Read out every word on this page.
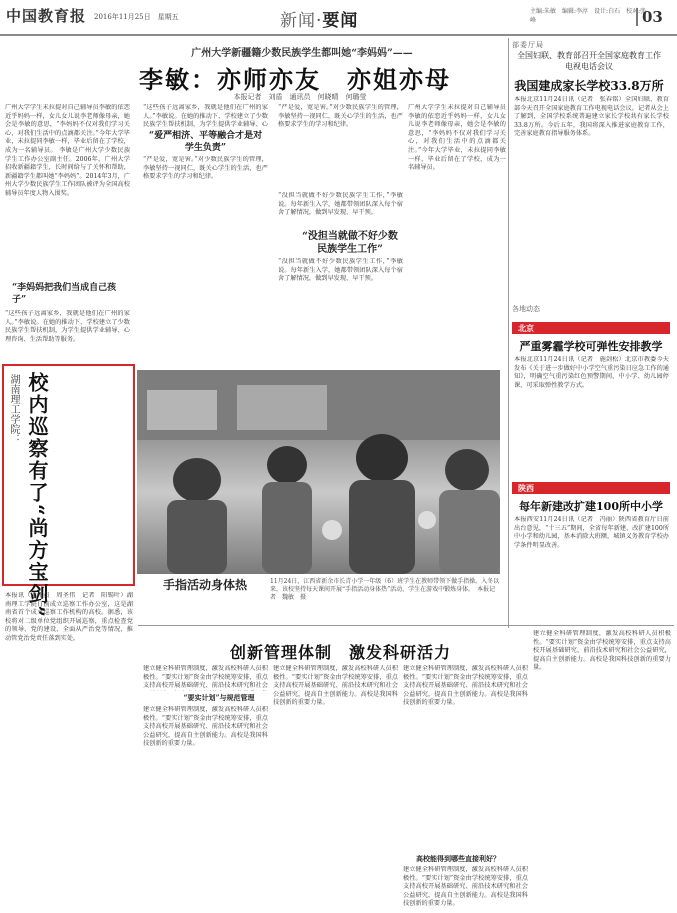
中国教育报 2016年11月25日　星期五	新闻·要闻	主编:朱敏　编辑:李淳　设计:白石　校对:张峰	03
广州大学新疆籍少数民族学生都叫她“李妈妈”——
李敏：亦师亦友　亦姐亦母
本报记者　刘盾　通讯员　何晓晴　何璐莹
广州大学学生未拉提对自己辅导员李敏的依恋近乎妈妈一样，女儿女儿说李老师像母亲，她会是李敏的意思，“李妈妈不仅对我们学习关心，对我们生活中的点滴都关注。”今年大学毕业，未拉提同李敏一样，毕业后留在了学校，成为一名辅导员。 李敏是广州大学少数民族学生工作办公室副主任。2006年，广州大学招收新疆籍学生，长时间给与了关怀和帮助，新疆籍学生都叫她“李妈妈”。2014年3月，广州大学少数民族学生工作团队被评为全国高校辅导员年度人物入围奖。
“李妈妈把我们当成自己孩子”
“这些孩子远离家乡，我就是他们在广州的家人。”李敏说。在她的推动下，学校建立了少数民族学生帮扶机制，为学生提供学业辅导、心理咨询、生活帮助等服务。
“这些孩子远离家乡，我就是他们在广州的家人。”李敏说。在她的推动下，学校建立了少数民族学生帮扶机制，为学生提供学业辅导、心
“爱严相济、平等融合才是对学生负责”
“严是爱，宽是害。”对少数民族学生的管理，李敏坚持一视同仁，既关心学生的生活，也严格要求学生的学习和纪律。
“严是爱，宽是害。”对少数民族学生的管理，李敏坚持一视同仁，既关心学生的生活，也严格要求学生的学习和纪律。
“没担当就做不好少数民族学生工作，”李敏说。每年新生入学，她都带领团队深入每个宿舍了解情况，做到早发现、早干预。
“没担当就做不好少数民族学生工作”
“没担当就做不好少数民族学生工作，”李敏说。每年新生入学，她都带领团队深入每个宿舍了解情况，做到早发现、早干预。
广州大学学生未拉提对自己辅导员李敏的依恋近乎妈妈一样，女儿女儿说李老师像母亲，她会是李敏的意思，“李妈妈不仅对我们学习关心，对我们生活中的点滴都关注。”今年大学毕业，未拉提同李敏一样，毕业后留在了学校，成为一名辅导员。
湖南理工学院： 校内巡察有了“尚方宝剑”
本报讯（通讯员　周圣伟　记者　阳锡叶）湖南理工学院日前成立巡察工作办公室，这是湖南省首个成立巡察工作机构的高校。据悉，该校将对二级单位党组织开展巡察，重点检查党的领导、党的建设、全面从严治党等情况，推动管党治党责任落到实处。
手指活动身体热	11月24日，江西省新余市长青小学一年级（6）班学生在教师带领下做手指操。入冬以来，该校坚持每天课间开展“手指活动身体热”活动，学生在游戏中锻炼身体。　本报记者　魏敏　摄
部委厅局
全国妇联、教育部召开全国家庭教育工作电视电话会议
我国建成家长学校33.8万所
本报北京11月24日讯（记者　张春铭）全国妇联、教育部今天召开全国家庭教育工作电视电话会议。记者从会上了解到，全国学校系统普遍建立家长学校共有家长学校33.8万所。今后五年，我国将深入推进家庭教育工作，完善家庭教育指导服务体系。
各地动态
北京
严重雾霾学校可弹性安排教学
本报北京11月24日讯（记者　施剑松）北京市教委今天发布《关于进一步做好中小学空气重污染日应急工作的通知》，明确空气重污染红色预警期间，中小学、幼儿园停课，可采取弹性教学方式。
陕西
每年新建改扩建100所中小学
本报西安11月24日讯（记者　冯丽）陕西省教育厅日前出台意见，“十三五”期间，全省每年新建、改扩建100所中小学和幼儿园，基本消除大班额，城镇义务教育学校办学条件明显改善。
创新管理体制　激发科研活力
建立健全科研管理制度，激发高校科研人员积极性。“要实计划”资金由学校统筹安排，重点支持高校开展基础研究、前沿技术研究和社会
“要实计划”与规范管理
建立健全科研管理制度，激发高校科研人员积极性。“要实计划”资金由学校统筹安排，重点支持高校开展基础研究、前沿技术研究和社会公益研究，提高自主创新能力。高校是我国科技创新的重要力量。
建立健全科研管理制度，激发高校科研人员积极性。“要实计划”资金由学校统筹安排，重点支持高校开展基础研究、前沿技术研究和社会公益研究，提高自主创新能力。高校是我国科技创新的重要力量。
建立健全科研管理制度，激发高校科研人员积极性。“要实计划”资金由学校统筹安排，重点支持高校开展基础研究、前沿技术研究和社会公益研究，提高自主创新能力。高校是我国科技创新的重要力量。
高校能得到哪些直接利好？
建立健全科研管理制度，激发高校科研人员积极性。“要实计划”资金由学校统筹安排，重点支持高校开展基础研究、前沿技术研究和社会公益研究，提高自主创新能力。高校是我国科技创新的重要力量。
建立健全科研管理制度，激发高校科研人员积极性。“要实计划”资金由学校统筹安排，重点支持高校开展基础研究、前沿技术研究和社会公益研究，提高自主创新能力。高校是我国科技创新的重要力量。
